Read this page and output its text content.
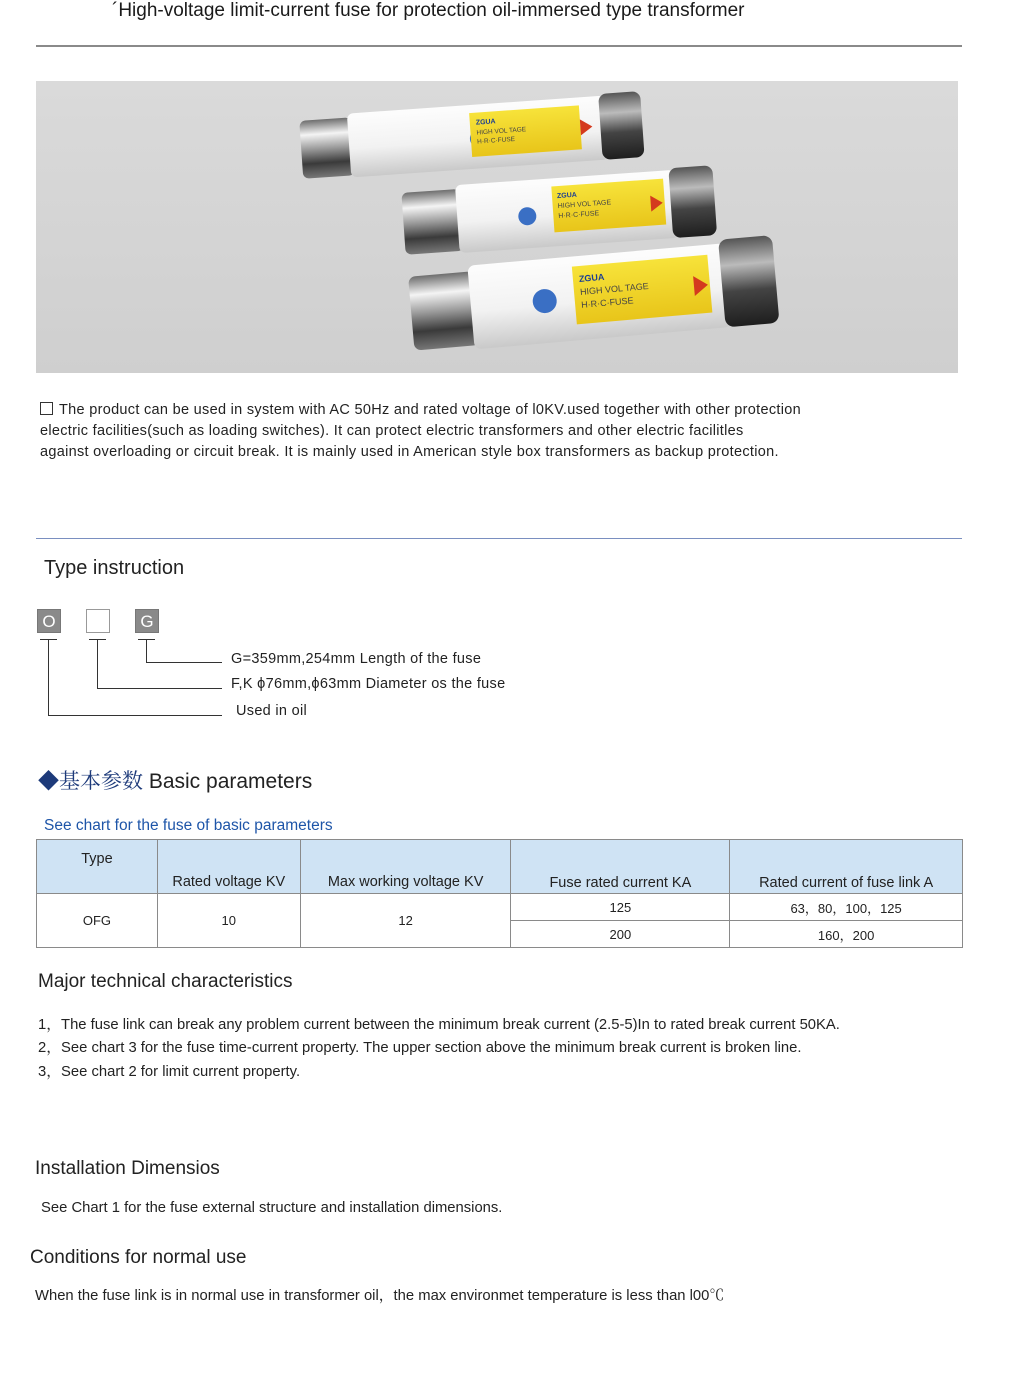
´High-voltage limit-current fuse for protection oil-immersed type transformer
ZGUA
HIGH VOL TAGE
H·R·C·FUSE
ZGUA
HIGH VOL TAGE
H·R·C·FUSE
ZGUA
HIGH VOL TAGE
H·R·C·FUSE
The product can be used in system with AC 50Hz and rated voltage of l0KV.used together with other protection
electric facilities(such as loading switches). It can protect electric transformers and other electric facilitles
against overloading or circuit break. It is mainly used in American style box transformers as backup protection.
Type instruction
O	G
G=359mm,254mm Length of the fuse
F,K ϕ76mm,ϕ63mm Diameter os the fuse
Used in oil
◆基本参数 Basic parameters
See chart for the fuse of basic parameters
Type	Rated voltage KV	Max working voltage KV	Fuse rated current KA	Rated current of fuse link A
OFG	10	12	125	63，80，100，125
			200	160，200
Major technical characteristics
1，The fuse link can break any problem current between the minimum break current (2.5-5)In to rated break current 50KA.
2，See chart 3 for the fuse time-current property. The upper section above the minimum break current is broken line.
3，See chart 2 for limit current property.
Installation Dimensios
See Chart 1 for the fuse external structure and installation dimensions.
Conditions for normal use
When the fuse link is in normal use in transformer oil，the max environmet temperature is less than l00℃
